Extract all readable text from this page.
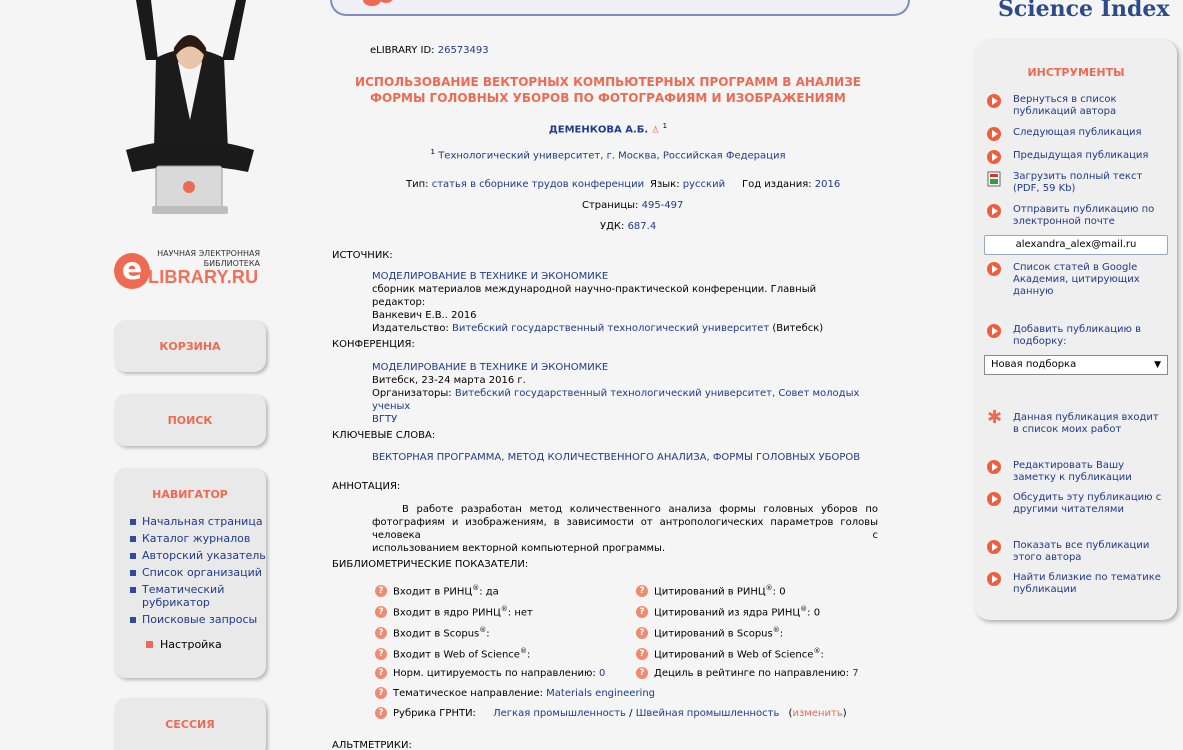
НАУЧНАЯ ЭЛЕКТРОННАЯ БИБЛИОТЕКА
e LIBRARY.RU
КОРЗИНА
ПОИСК
НАВИГАТОР
Начальная страница
Каталог журналов
Авторский указатель
Список организаций
Тематический рубрикатор
Поисковые запросы
Настройка
СЕССИЯ
eLIBRARY ID: 26573493
ИСПОЛЬЗОВАНИЕ ВЕКТОРНЫХ КОМПЬЮТЕРНЫХ ПРОГРАММ В АНАЛИЗЕ
ФОРМЫ ГОЛОВНЫХ УБОРОВ ПО ФОТОГРАФИЯМ И ИЗОБРАЖЕНИЯМ
ДЕМЕНКОВА А.Б. ♙ $^1$
$^1$ Технологический университет, г. Москва, Российская Федерация
Тип: статья в сборнике трудов конференции Язык: русский Год издания: 2016
Страницы: 495-497
УДК: 687.4
ИСТОЧНИК:
МОДЕЛИРОВАНИЕ В ТЕХНИКЕ И ЭКОНОМИКЕ
сборник материалов международной научно-практической конференции. Главный редактор:
Ванкевич Е.В.. 2016
Издательство: Витебский государственный технологический университет (Витебск)
КОНФЕРЕНЦИЯ:
МОДЕЛИРОВАНИЕ В ТЕХНИКЕ И ЭКОНОМИКЕ
Витебск, 23-24 марта 2016 г.
Организаторы: Витебский государственный технологический университет, Совет молодых ученых
ВГТУ
КЛЮЧЕВЫЕ СЛОВА:
ВЕКТОРНАЯ ПРОГРАММА, МЕТОД КОЛИЧЕСТВЕННОГО АНАЛИЗА, ФОРМЫ ГОЛОВНЫХ УБОРОВ
АННОТАЦИЯ:
В работе разработан метод количественного анализа формы головных уборов по
фотографиям и изображениям, в зависимости от антропологических параметров головы человека с
использованием векторной компьютерной программы.
БИБЛИОМЕТРИЧЕСКИЕ ПОКАЗАТЕЛИ:
? Входит в РИНЦ®: да
? Входит в ядро РИНЦ®: нет
? Входит в Scopus®:
? Входит в Web of Science®:
? Норм. цитируемость по направлению: 0
? Тематическое направление: Materials engineering
? Рубрика ГРНТИ: Легкая промышленность / Швейная промышленность (изменить)
? Цитирований в РИНЦ®: 0
? Цитирований из ядра РИНЦ®: 0
? Цитирований в Scopus®:
? Цитирований в Web of Science®:
? Дециль в рейтинге по направлению: 7
АЛЬТМЕТРИКИ:
Science Index
ИНСТРУМЕНТЫ
Вернуться в список публикаций автора
Следующая публикация
Предыдущая публикация
Загрузить полный текст (PDF, 59 Kb)
Отправить публикацию по электронной почте
alexandra_alex@mail.ru
Список статей в Google Академия, цитирующих данную
Добавить публикацию в подборку:
Новая подборка	▼
✱ Данная публикация входит в список моих работ
Редактировать Вашу заметку к публикации
Обсудить эту публикацию с другими читателями
Показать все публикации этого автора
Найти близкие по тематике публикации
